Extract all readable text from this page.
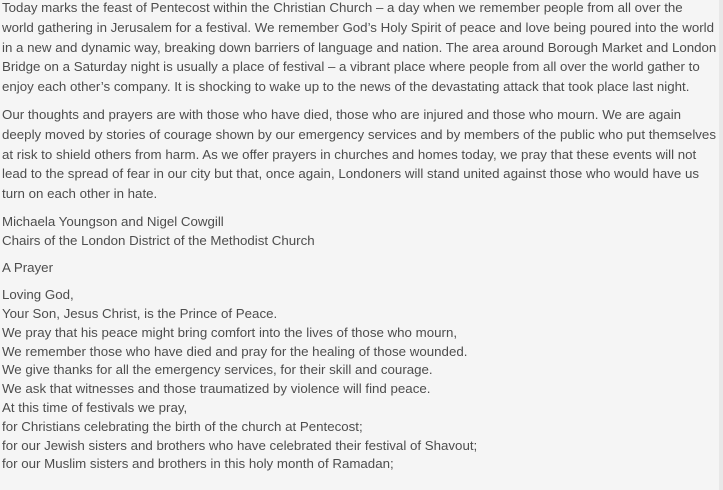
Today marks the feast of Pentecost within the Christian Church – a day when we remember people from all over the world gathering in Jerusalem for a festival. We remember God’s Holy Spirit of peace and love being poured into the world in a new and dynamic way, breaking down barriers of language and nation. The area around Borough Market and London Bridge on a Saturday night is usually a place of festival – a vibrant place where people from all over the world gather to enjoy each other’s company. It is shocking to wake up to the news of the devastating attack that took place last night.

Our thoughts and prayers are with those who have died, those who are injured and those who mourn. We are again deeply moved by stories of courage shown by our emergency services and by members of the public who put themselves at risk to shield others from harm. As we offer prayers in churches and homes today, we pray that these events will not lead to the spread of fear in our city but that, once again, Londoners will stand united against those who would have us turn on each other in hate.

Michaela Youngson and Nigel Cowgill
Chairs of the London District of the Methodist Church

A Prayer

Loving God,
Your Son, Jesus Christ, is the Prince of Peace.
We pray that his peace might bring comfort into the lives of those who mourn,
We remember those who have died and pray for the healing of those wounded.
We give thanks for all the emergency services, for their skill and courage.
We ask that witnesses and those traumatized by violence will find peace.
At this time of festivals we pray,
for Christians celebrating the birth of the church at Pentecost;
for our Jewish sisters and brothers who have celebrated their festival of Shavout;
for our Muslim sisters and brothers in this holy month of Ramadan;
